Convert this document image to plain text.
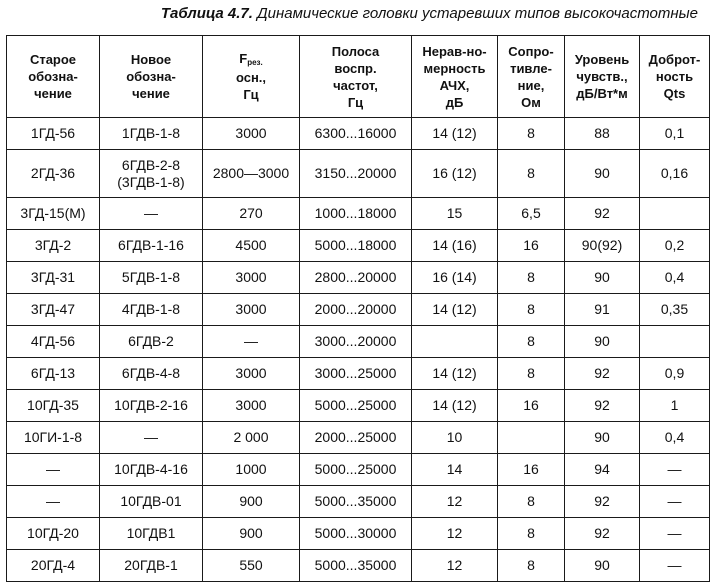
Таблица 4.7. Динамические головки устаревших типов высокочастотные
Старое
обозна-
чение	Новое
обозна-
чение	$F_{рез.}$
осн.,
Гц	Полоса
воспр.
частот,
Гц	Нерав-но-
мерность
АЧХ,
дБ	Сопро-
тивле-
ние,
Ом	Уровень
чувств.,
дБ/Вт*м	Доброт-
ность
Qts

1ГД-56	1ГДВ-1-8	3000	6300...16000	14 (12)	8	88	0,1
2ГД-36	6ГДВ-2-8
(3ГДВ-1-8)	2800—3000	3150...20000	16 (12)	8	90	0,16
3ГД-15(М)	—	270	1000...18000	15	6,5	92	
3ГД-2	6ГДВ-1-16	4500	5000...18000	14 (16)	16	90(92)	0,2
3ГД-31	5ГДВ-1-8	3000	2800...20000	16 (14)	8	90	0,4
3ГД-47	4ГДВ-1-8	3000	2000...20000	14 (12)	8	91	0,35
4ГД-56	6ГДВ-2	—	3000...20000		8	90	
6ГД-13	6ГДВ-4-8	3000	3000...25000	14 (12)	8	92	0,9
10ГД-35	10ГДВ-2-16	3000	5000...25000	14 (12)	16	92	1
10ГИ-1-8	—	2 000	2000...25000	10		90	0,4
—	10ГДВ-4-16	1000	5000...25000	14	16	94	—
—	10ГДВ-01	900	5000...35000	12	8	92	—
10ГД-20	10ГДВ1	900	5000...30000	12	8	92	—
20ГД-4	20ГДВ-1	550	5000...35000	12	8	90	—
